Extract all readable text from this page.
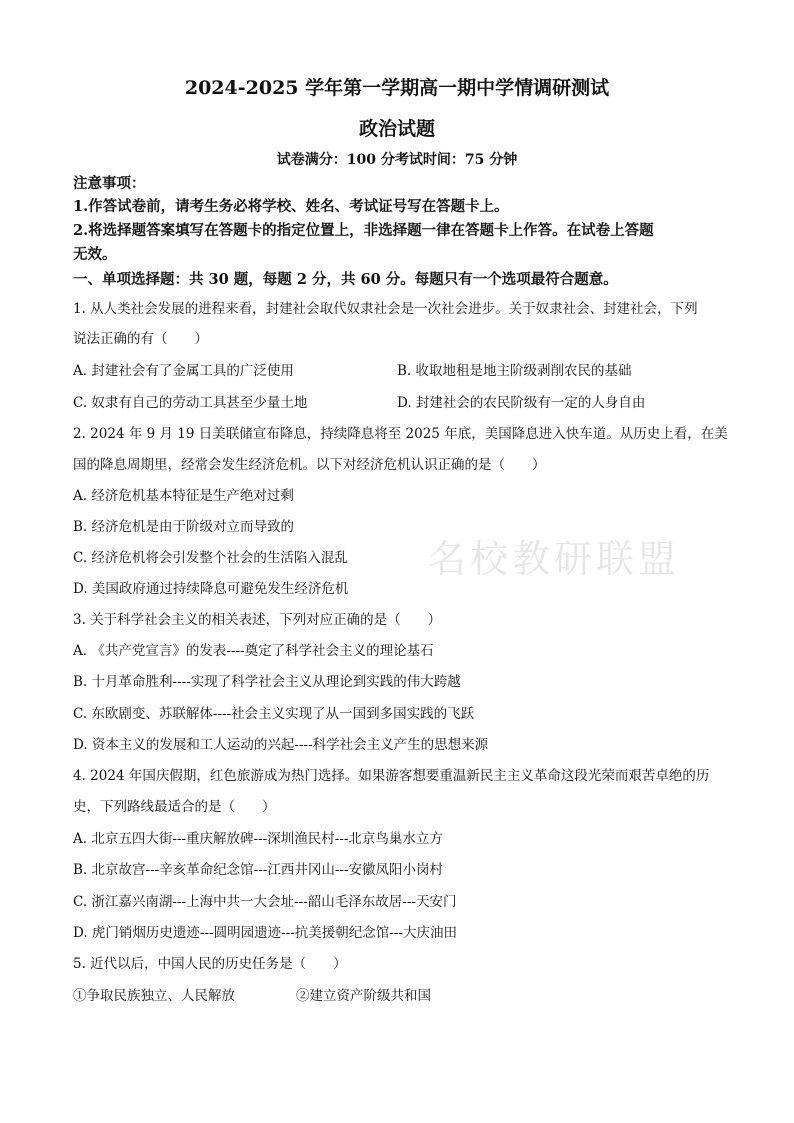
2024-2025 学年第一学期高一期中学情调研测试
政治试题
试卷满分：100 分考试时间：75 分钟
注意事项：
1.作答试卷前，请考生务必将学校、姓名、考试证号写在答题卡上。
2.将选择题答案填写在答题卡的指定位置上，非选择题一律在答题卡上作答。在试卷上答题
无效。
一、单项选择题：共 30 题，每题 2 分，共 60 分。每题只有一个选项最符合题意。
名校教研联盟
1. 从人类社会发展的进程来看，封建社会取代奴隶社会是一次社会进步。关于奴隶社会、封建社会，下列
说法正确的有（　　）
A. 封建社会有了金属工具的广泛使用	B. 收取地租是地主阶级剥削农民的基础
C. 奴隶有自己的劳动工具甚至少量土地	D. 封建社会的农民阶级有一定的人身自由
2. 2024 年 9 月 19 日美联储宣布降息，持续降息将至 2025 年底，美国降息进入快车道。从历史上看，在美
国的降息周期里，经常会发生经济危机。以下对经济危机认识正确的是（　　）
A. 经济危机基本特征是生产绝对过剩
B. 经济危机是由于阶级对立而导致的
C. 经济危机将会引发整个社会的生活陷入混乱
D. 美国政府通过持续降息可避免发生经济危机
3. 关于科学社会主义的相关表述，下列对应正确的是（　　）
A. 《共产党宣言》的发表----奠定了科学社会主义的理论基石
B. 十月革命胜利----实现了科学社会主义从理论到实践的伟大跨越
C. 东欧剧变、苏联解体----社会主义实现了从一国到多国实践的飞跃
D. 资本主义的发展和工人运动的兴起----科学社会主义产生的思想来源
4. 2024 年国庆假期，红色旅游成为热门选择。如果游客想要重温新民主主义革命这段光荣而艰苦卓绝的历
史，下列路线最适合的是（　　）
A. 北京五四大街---重庆解放碑---深圳渔民村---北京鸟巢水立方
B. 北京故宫---辛亥革命纪念馆---江西井冈山---安徽凤阳小岗村
C. 浙江嘉兴南湖---上海中共一大会址---韶山毛泽东故居---天安门
D. 虎门销烟历史遗迹---圆明园遗迹---抗美援朝纪念馆---大庆油田
5. 近代以后，中国人民的历史任务是（　　）
①争取民族独立、人民解放	②建立资产阶级共和国
